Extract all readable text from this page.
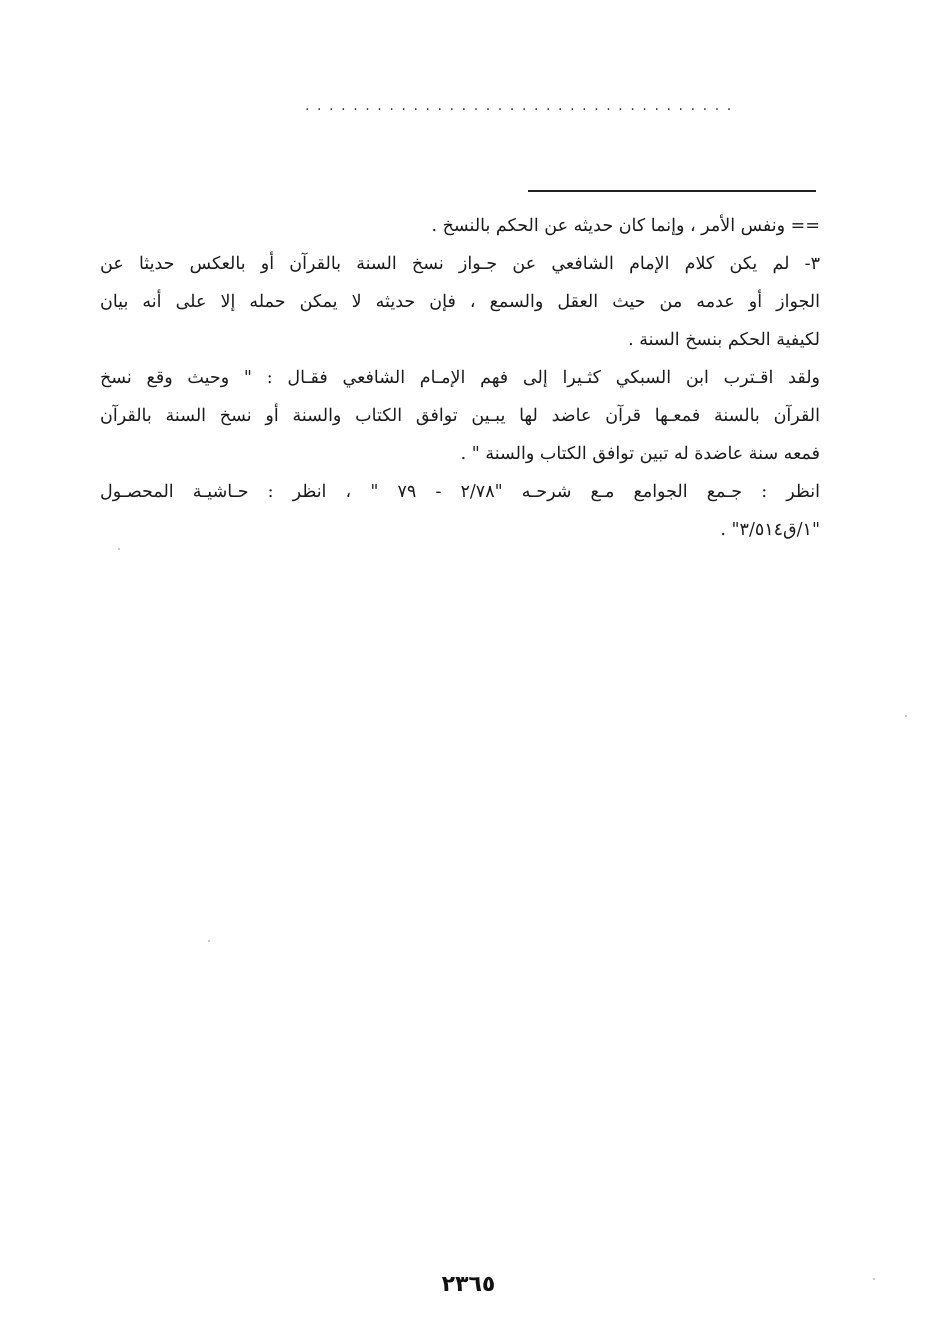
....................................
== ونفس الأمر ، وإنما كان حديثه عن الحكم بالنسخ .
٣- لم يكن كلام الإمام الشافعي عن جـواز نسخ السنة بالقرآن أو بالعكس حديثا عن
الجواز أو عدمه من حيث العقل والسمع ، فإن حديثه لا يمكن حمله إلا على أنه بيان
لكيفية الحكم بنسخ السنة .
ولقد اقـترب ابن السبكي كثـيرا إلى فهم الإمـام الشافعي فقـال : " وحيث وقع نسخ
القرآن بالسنة فمعـها قرآن عاضد لها يبـين توافق الكتاب والسنة أو نسخ السنة بالقرآن
فمعه سنة عاضدة له تبين توافق الكتاب والسنة " .
انظر : جـمع الجوامع مـع شرحـه "٢/٧٨ - ٧٩ " ، انظر : حـاشيـة المحصـول
"١/ق٣/٥١٤" .
٢٣٦٥
